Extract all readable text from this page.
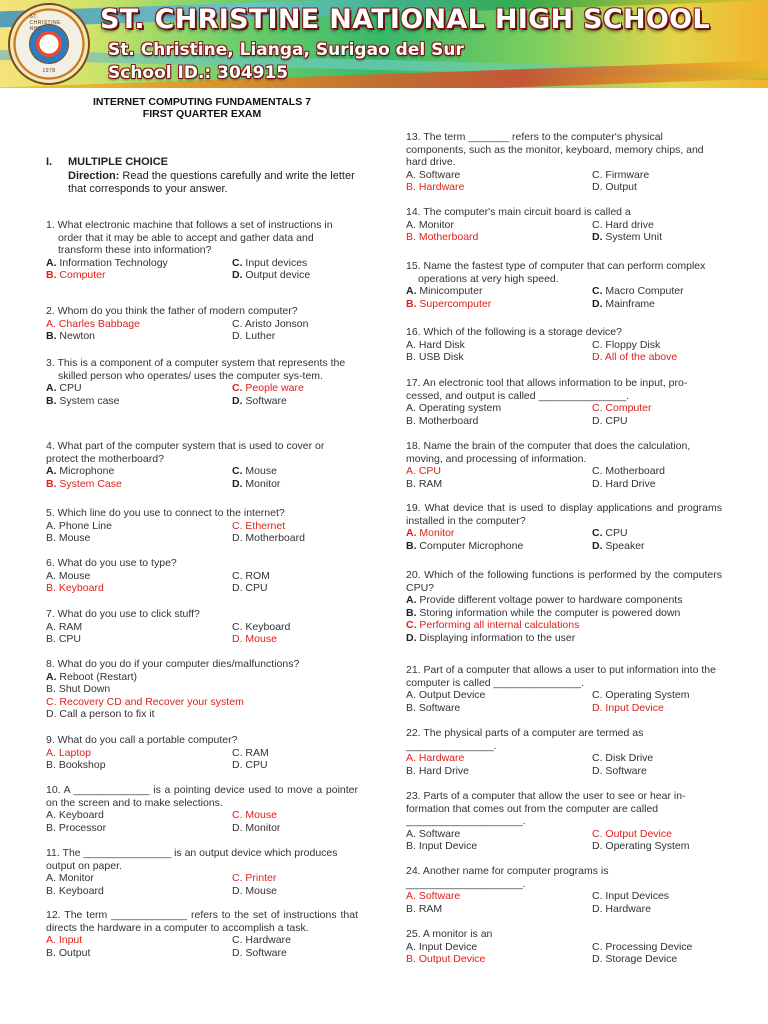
ST. CHRISTINE NHS
1978
ST. CHRISTINE NATIONAL HIGH SCHOOL
St. Christine, Lianga, Surigao del Sur
School ID.: 304915
INTERNET COMPUTING FUNDAMENTALS 7
FIRST QUARTER EXAM
I. MULTIPLE CHOICE
Direction: Read the questions carefully and write the letter that corresponds to your answer.
1. What electronic machine that follows a set of instructions in order that it may be able to accept and gather data and transform these into information?
A. Information Technology	C. Input devices
B. Computer	D. Output device
2. Whom do you think the father of modern computer?
A. Charles Babbage	C. Aristo Jonson
B. Newton	D. Luther
3. This is a component of a computer system that represents the skilled person who operates/ uses the computer sys-tem.
A. CPU	C. People ware
B. System case	D. Software
4. What part of the computer system that is used to cover or protect the motherboard?
A. Microphone	C. Mouse
B. System Case	D. Monitor
5. Which line do you use to connect to the internet?
A. Phone Line	C. Ethernet
B. Mouse	D. Motherboard
6. What do you use to type?
A. Mouse	C. ROM
B. Keyboard	D. CPU
7. What do you use to click stuff?
A. RAM	C. Keyboard
B. CPU	D. Mouse
8. What do you do if your computer dies/malfunctions?
A. Reboot (Restart)
B. Shut Down
C. Recovery CD and Recover your system
D. Call a person to fix it
9. What do you call a portable computer?
A. Laptop	C. RAM
B. Bookshop	D. CPU
10. A _____________ is a pointing device used to move a pointer on the screen and to make selections.
A. Keyboard	C. Mouse
B. Processor	D. Monitor
11. The _______________ is an output device which produces output on paper.
A. Monitor	C. Printer
B. Keyboard	D. Mouse
12. The term _____________ refers to the set of instructions that directs the hardware in a computer to accomplish a task.
A. Input	C. Hardware
B. Output	D. Software
13. The term _______ refers to the computer's physical components, such as the monitor, keyboard, memory chips, and hard drive.
A. Software	C. Firmware
B. Hardware	D. Output
14. The computer's main circuit board is called a
A. Monitor	C. Hard drive
B. Motherboard	D. System Unit
15. Name the fastest type of computer that can perform complex operations at very high speed.
A. Minicomputer	C. Macro Computer
B. Supercomputer	D. Mainframe
16. Which of the following is a storage device?
A. Hard Disk	C. Floppy Disk
B. USB Disk	D. All of the above
17. An electronic tool that allows information to be input, pro-cessed, and output is called _______________.
A. Operating system	C. Computer
B. Motherboard	D. CPU
18. Name the brain of the computer that does the calculation, moving, and processing of information.
A. CPU	C. Motherboard
B. RAM	D. Hard Drive
19. What device that is used to display applications and programs installed in the computer?
A. Monitor	C. CPU
B. Computer Microphone	D. Speaker
20. Which of the following functions is performed by the computers CPU?
A. Provide different voltage power to hardware components
B. Storing information while the computer is powered down
C. Performing all internal calculations
D. Displaying information to the user
21. Part of a computer that allows a user to put information into the computer is called _______________.
A. Output Device	C. Operating System
B. Software	D. Input Device
22. The physical parts of a computer are termed as _______________.
A. Hardware	C. Disk Drive
B. Hard Drive	D. Software
23. Parts of a computer that allow the user to see or hear in-formation that comes out from the computer are called ____________________.
A. Software	C. Output Device
B. Input Device	D. Operating System
24. Another name for computer programs is ____________________.
A. Software	C. Input Devices
B. RAM	D. Hardware
25. A monitor is an
A. Input Device	C. Processing Device
B. Output Device	D. Storage Device
